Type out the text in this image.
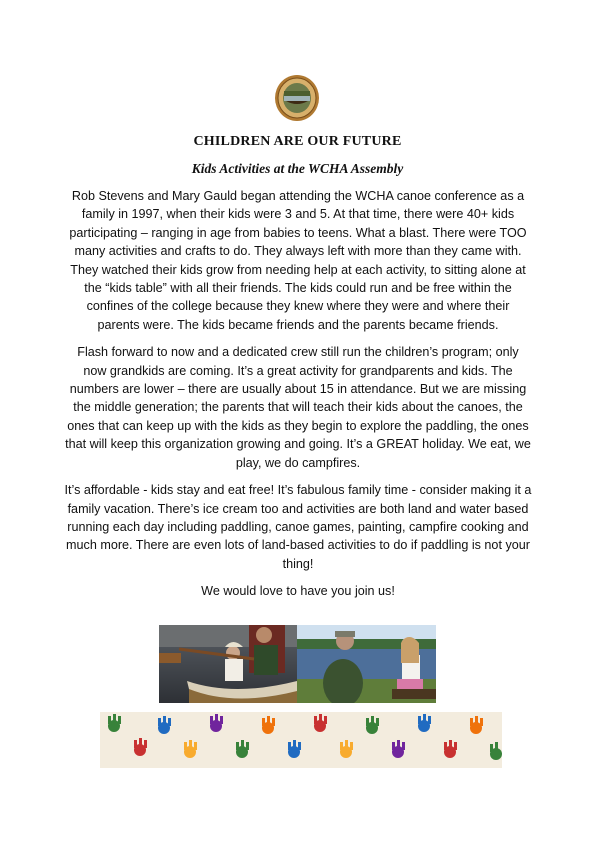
CHILDREN ARE OUR FUTURE
Kids Activities at the WCHA Assembly

Rob Stevens and Mary Gauld began attending the WCHA canoe conference as a family in 1997, when their kids were 3 and 5. At that time, there were 40+ kids participating – ranging in age from babies to teens. What a blast. There were TOO many activities and crafts to do. They always left with more than they came with. They watched their kids grow from needing help at each activity, to sitting alone at the “kids table” with all their friends. The kids could run and be free within the confines of the college because they knew where they were and where their parents were. The kids became friends and the parents became friends.

Flash forward to now and a dedicated crew still run the children’s program; only now grandkids are coming. It’s a great activity for grandparents and kids. The numbers are lower – there are usually about 15 in attendance. But we are missing the middle generation; the parents that will teach their kids about the canoes, the ones that can keep up with the kids as they begin to explore the paddling, the ones that will keep this organization growing and going. It’s a GREAT holiday. We eat, we play, we do campfires.

It’s affordable - kids stay and eat free! It’s fabulous family time - consider making it a family vacation. There’s ice cream too and activities are both land and water based running each day including paddling, canoe games, painting, campfire cooking and much more. There are even lots of land-based activities to do if paddling is not your thing!

We would love to have you join us!
